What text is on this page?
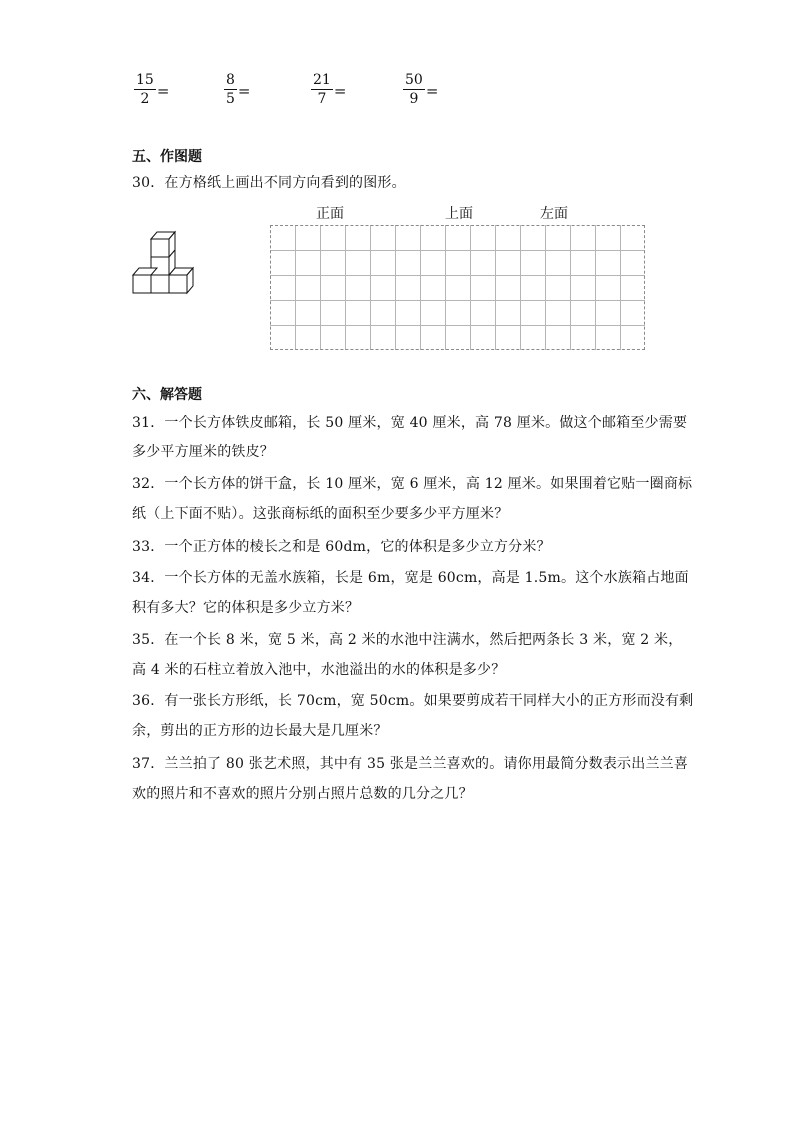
$\frac{15}{2}$ =	$\frac{8}{5}$ =	$\frac{21}{7}$ =	$\frac{50}{9}$ =
五、作图题
30．在方格纸上画出不同方向看到的图形。
正面	上面	左面
六、解答题
31．一个长方体铁皮邮箱，长 50 厘米，宽 40 厘米，高 78 厘米。做这个邮箱至少需要
多少平方厘米的铁皮？
32．一个长方体的饼干盒，长 10 厘米，宽 6 厘米，高 12 厘米。如果围着它贴一圈商标
纸（上下面不贴）。这张商标纸的面积至少要多少平方厘米？
33．一个正方体的棱长之和是 60dm，它的体积是多少立方分米？
34．一个长方体的无盖水族箱，长是 6m，宽是 60cm，高是 1.5m。这个水族箱占地面
积有多大？它的体积是多少立方米？
35．在一个长 8 米，宽 5 米，高 2 米的水池中注满水，然后把两条长 3 米，宽 2 米，
高 4 米的石柱立着放入池中，水池溢出的水的体积是多少？
36．有一张长方形纸，长 70cm，宽 50cm。如果要剪成若干同样大小的正方形而没有剩
余，剪出的正方形的边长最大是几厘米？
37．兰兰拍了 80 张艺术照，其中有 35 张是兰兰喜欢的。请你用最简分数表示出兰兰喜
欢的照片和不喜欢的照片分别占照片总数的几分之几？
